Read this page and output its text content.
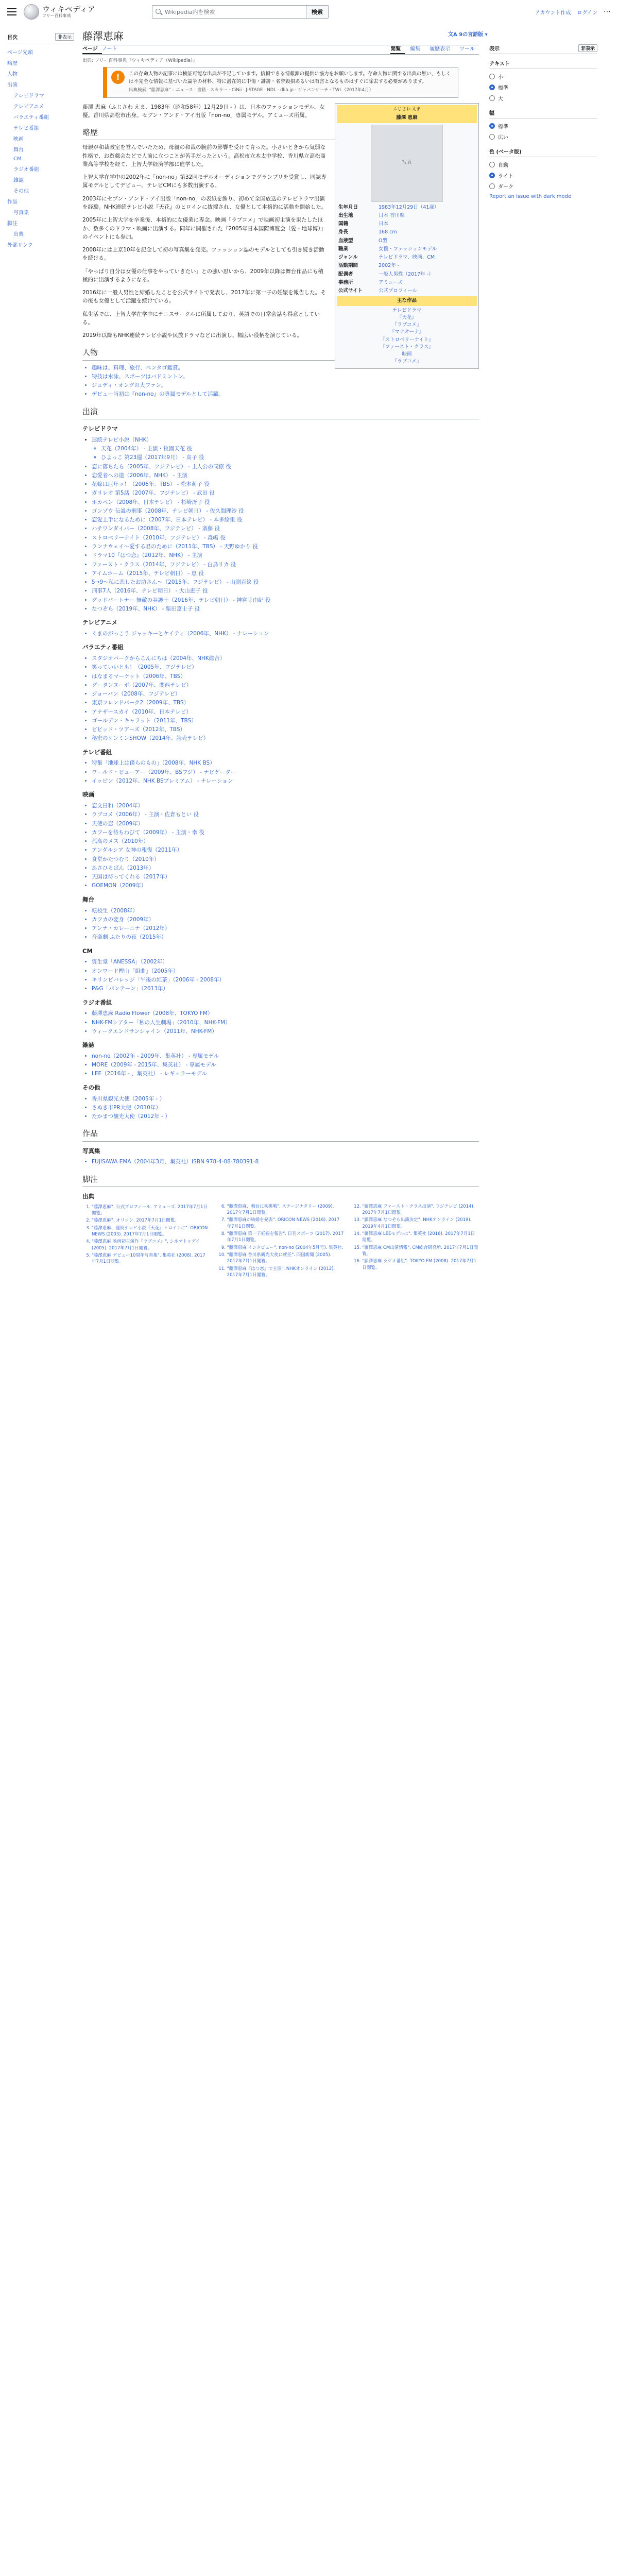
ウィキペディア
フリー百科事典
Wikipedia内を検索
検索	アカウント作成 ログイン ⋯
目次	非表示
ページ先頭
略歴
人物
出演
テレビドラマ
テレビアニメ
バラエティ番組
テレビ番組
映画
舞台
CM
ラジオ番組
雑誌
その他
作品
写真集
脚注
出典
外部リンク
藤澤恵麻	文A 9の言語版 ▾
ページ ノート	閲覧	編集	履歴表示	ツール
出典: フリー百科事典『ウィキペディア（Wikipedia）』
表示	非表示
テキスト
小
標準
大
幅
標準
広い
色 (ベータ版)
自動
ライト
ダーク
Report an issue with dark mode
!	この存命人物の記事には検証可能な出典が不足しています。信頼できる情報源の提供に協力をお願いします。存命人物に関する出典の無い、もしくは不完全な情報に基づいた論争の材料、特に潜在的に中傷・誹謗・名誉毀損あるいは有害となるものはすぐに除去する必要があります。
出典検索: "藤澤恵麻" – ニュース · 書籍 · スカラー · CiNii · J-STAGE · NDL · dlib.jp · ジャパンサーチ · TWL（2017年4月）
ふじさわ えま
藤澤 恵麻
写真
生年月日	1983年12月29日（41歳）
出生地	日本 香川県
国籍	日本
身長	168 cm
血液型	O型
職業	女優・ファッションモデル
ジャンル	テレビドラマ、映画、CM
活動期間	2002年 -
配偶者	一般人男性（2017年 -）
事務所	アミューズ
公式サイト	公式プロフィール
主な作品
テレビドラマ
『天花』
『ラブコメ』
『マナオーナ』
『ストロベリーナイト』
『ファースト・クラス』
映画
『ラブコメ』

藤澤 恵麻（ふじさわ えま、1983年（昭和58年）12月29日 - ）は、日本のファッションモデル、女優。香川県高松市出身。セブン・アンド・アイ出版「non-no」専属モデル。アミューズ所属。

略歴

母親が和裁教室を営んでいたため、母親の和裁の腕前の影響を受けて育った。小さいときから気弱な性格で、お遊戯会などで人前に立つことが苦手だったという。高松市立木太中学校、香川県立高松商業高等学校を経て、上智大学経済学部に進学した。

上智大学在学中の2002年に「non-no」第32回モデルオーディションでグランプリを受賞し、同誌専属モデルとしてデビュー。テレビCMにも多数出演する。

2003年にセブン・アンド・アイ出版「non-no」の表紙を飾り、初めて全国放送のテレビドラマ出演を経験。NHK連続テレビ小説『天花』のヒロインに抜擢され、女優として本格的に活動を開始した。

2005年に上智大学を卒業後、本格的に女優業に専念。映画『ラブコメ』で映画初主演を果たしたほか、数多くのドラマ・映画に出演する。同年に開催された『2005年日本国際博覧会（愛・地球博）』のイベントにも参加。

2008年には上京10年を記念して初の写真集を発売。ファッション誌のモデルとしても引き続き活動を続ける。

「やっぱり自分は女優の仕事をやっていきたい」との強い思いから、2009年以降は舞台作品にも積極的に出演するようになる。

2016年に一般人男性と結婚したことを公式サイトで発表し、2017年に第一子の妊娠を報告した。その後も女優として活躍を続けている。

私生活では、上智大学在学中にテニスサークルに所属しており、英語での日常会話も得意としている。

2019年以降もNHK連続テレビ小説や民放ドラマなどに出演し、幅広い役柄を演じている。

人物
• 趣味は、料理、旅行、ペンタゴ鑑賞。
• 特技は水泳、スポーツはバドミントン。
• ジュディ・オングの大ファン。
• デビュー当初は『non-no』の専属モデルとして活躍。
出演
テレビドラマ
• 連続テレビ小説（NHK）
◦ 天花（2004年） - 主演・牧園天花 役
◦ ひよっこ 第23週（2017年9月） - 高子 役
• 恋に落ちたら（2005年、フジテレビ） - 主人公の同僚 役
• 恋愛者への道（2006年、NHK） - 主演
• 花嫁は厄年ッ！（2006年、TBS） - 松本萌子 役
• ガリレオ 第5話（2007年、フジテレビ） - 武田 役
• ホカベン（2008年、日本テレビ） - 杉崎冴子 役
• ゴンゾウ 伝説の刑事（2008年、テレビ朝日） - 佐久間理沙 役
• 恋愛上手になるために（2007年、日本テレビ） - 本多絵里 役
• ハチワンダイバー（2008年、フジテレビ） - 斎藤 役
• ストロベリーナイト（2010年、フジテレビ） - 森嶋 役
• ランナウェイ〜愛する君のために（2011年、TBS） - 天野ゆかり 役
• ドラマ10『はつ恋』（2012年、NHK） - 主演
• ファースト・クラス（2014年、フジテレビ） - 白鳥リカ 役
• アイムホーム（2015年、テレビ朝日） - 恵 役
• 5→9〜私に恋したお坊さん〜（2015年、フジテレビ） - 山渕百絵 役
• 刑事7人（2016年、テレビ朝日） - 大山恵子 役
• グッドパートナー 無敵の弁護士（2016年、テレビ朝日） - 神宮寺由紀 役
• なつぞら（2019年、NHK） - 柴田富士子 役
テレビアニメ
• くまのがっこう ジャッキーとケイティ（2006年、NHK） - ナレーション
バラエティ番組
• スタジオパークからこんにちは（2004年、NHK総合）
• 笑っていいとも！（2005年、フジテレビ）
• はなまるマーケット（2006年、TBS）
• グータンヌーボ（2007年、関西テレビ）
• ジョーバン（2008年、フジテレビ）
• 東京フレンドパーク2（2009年、TBS）
• アナザースカイ（2010年、日本テレビ）
• ゴールデン・キャラット（2011年、TBS）
• ビビッド・ツアーズ（2012年、TBS）
• 秘密のケンミンSHOW（2014年、読売テレビ）
テレビ番組
• 特集「地球上は僕らのもの」（2008年、NHK BS）
• ワールド・ビューアー（2009年、BSフジ） - ナビゲーター
• イッピン（2012年、NHK BSプレミアム） - ナレーション
映画
• 恋文日和（2004年）
• ラブコメ（2006年） - 主演・佐倉もとい 役
• 天使の恋（2009年）
• カフーを待ちわびて（2009年） - 主演・幸 役
• 孤高のメス（2010年）
• アンダルシア 女神の報復（2011年）
• 食堂かたつむり（2010年）
• あさひるばん（2013年）
• 天国は待ってくれる（2017年）
• GOEMON（2009年）
舞台
• 転校生（2008年）
• カフカの変身（2009年）
• アンナ・カレーニナ（2012年）
• 音楽劇 ふたりの夜（2015年）
CM
• 資生堂「ANESSA」（2002年）
• オンワード樫山「組曲」（2005年）
• キリンビバレッジ「午後の紅茶」（2006年 - 2008年）
• P&G「パンテーン」（2013年）
ラジオ番組
• 藤澤恵麻 Radio Flower（2008年、TOKYO FM）
• NHK-FMシアター「私の人生劇場」（2010年、NHK-FM）
• ウィークエンドサンシャイン（2011年、NHK-FM）
雑誌
• non-no（2002年 - 2009年、集英社） - 専属モデル
• MORE（2009年 - 2015年、集英社） - 専属モデル
• LEE（2016年 - 、集英社） - レギュラーモデル
その他
• 香川県観光大使（2005年 - ）
• さぬき市PR大使（2010年）
• たかまつ観光大使（2012年 - ）
作品
写真集
• FUJISAWA EMA（2004年3月、集英社）ISBN 978-4-08-780391-8
脚注
出典
1. "藤澤恵麻". 公式プロフィール. アミューズ. 2017年7月1日閲覧。
2. "藤澤恵麻". オリコン. 2017年7月1日閲覧。
3. "藤澤恵麻、連続テレビ小説『天花』ヒロインに". ORICON NEWS (2003). 2017年7月1日閲覧。
4. "藤澤恵麻 映画初主演作『ラブコメ』". シネマトゥデイ (2005). 2017年7月1日閲覧。
5. "藤澤恵麻 デビュー10周年写真集". 集英社 (2008). 2017年7月1日閲覧。
6. "藤澤恵麻、舞台に初挑戦". ステージナタリー (2009). 2017年7月1日閲覧。
7. "藤澤恵麻が結婚を発表". ORICON NEWS (2016). 2017年7月1日閲覧。
8. "藤澤恵麻 第一子妊娠を報告". 日刊スポーツ (2017). 2017年7月1日閲覧。
9. "藤澤恵麻 インタビュー". non-no (2004年5月号). 集英社.
10. "藤澤恵麻 香川県観光大使に就任". 四国新聞 (2005). 2017年7月1日閲覧。
11. "藤澤恵麻『はつ恋』で主演". NHKオンライン (2012). 2017年7月1日閲覧。
12. "藤澤恵麻 ファースト・クラス出演". フジテレビ (2014). 2017年7月1日閲覧。
13. "藤澤恵麻 なつぞら出演決定". NHKオンライン (2019). 2019年4月1日閲覧。
14. "藤澤恵麻 LEEモデルに". 集英社 (2016). 2017年7月1日閲覧。
15. "藤澤恵麻 CM出演情報". CM総合研究所. 2017年7月1日閲覧。
16. "藤澤恵麻 ラジオ番組". TOKYO FM (2008). 2017年7月1日閲覧。
